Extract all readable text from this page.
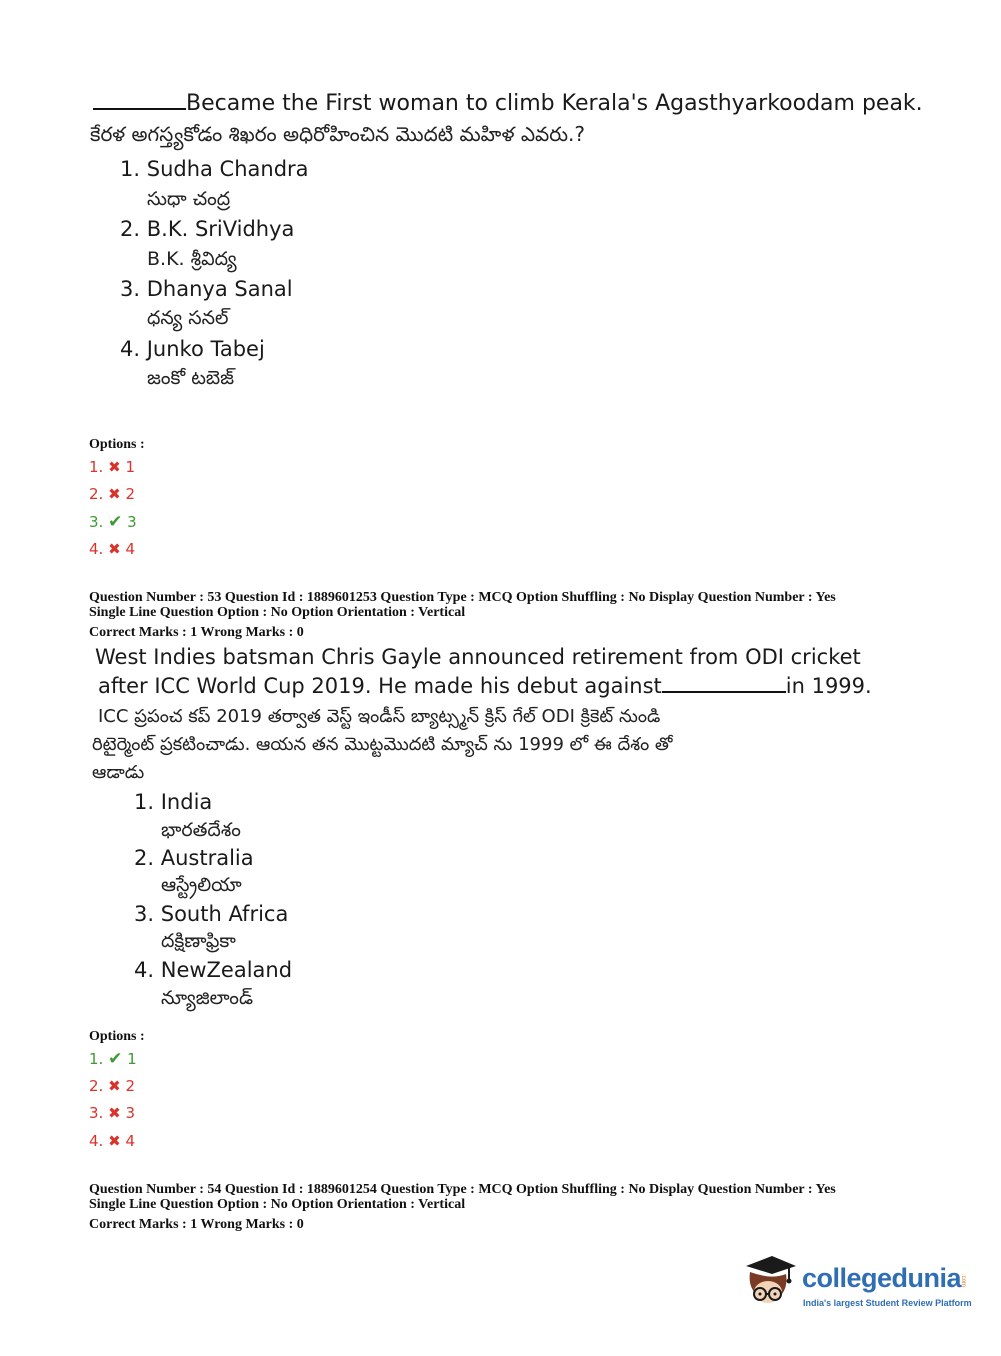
Became the First woman to climb Kerala's Agasthyarkoodam peak.
కేరళ అగస్త్యకోడం శిఖరం అధిరోహించిన మొదటి మహిళ ఎవరు.?
1. Sudha Chandra
సుధా చంద్ర
2. B.K. SriVidhya
B.K. శ్రీవిద్య
3. Dhanya Sanal
ధన్య సనల్
4. Junko Tabej
జంకో టబెజ్
Options :
1. ✖ 1
2. ✖ 2
3. ✔ 3
4. ✖ 4
Question Number : 53 Question Id : 1889601253 Question Type : MCQ Option Shuffling : No Display Question Number : Yes
Single Line Question Option : No Option Orientation : Vertical
Correct Marks : 1 Wrong Marks : 0
West Indies batsman Chris Gayle announced retirement from ODI cricket
after ICC World Cup 2019. He made his debut against	in 1999.
ICC ప్రపంచ కప్ 2019 తర్వాత వెస్ట్ ఇండీస్ బ్యాట్స్మన్ క్రిస్ గేల్ ODI క్రికెట్ నుండి
రిటైర్మెంట్ ప్రకటించాడు. ఆయన తన మొట్టమొదటి మ్యాచ్ ను 1999 లో ఈ దేశం తో
ఆడాడు
1. India
భారతదేశం
2. Australia
ఆస్ట్రేలియా
3. South Africa
దక్షిణాఫ్రికా
4. NewZealand
న్యూజిలాండ్
Options :
1. ✔ 1
2. ✖ 2
3. ✖ 3
4. ✖ 4
Question Number : 54 Question Id : 1889601254 Question Type : MCQ Option Shuffling : No Display Question Number : Yes
Single Line Question Option : No Option Orientation : Vertical
Correct Marks : 1 Wrong Marks : 0
collegedunia
.com
India's largest Student Review Platform
